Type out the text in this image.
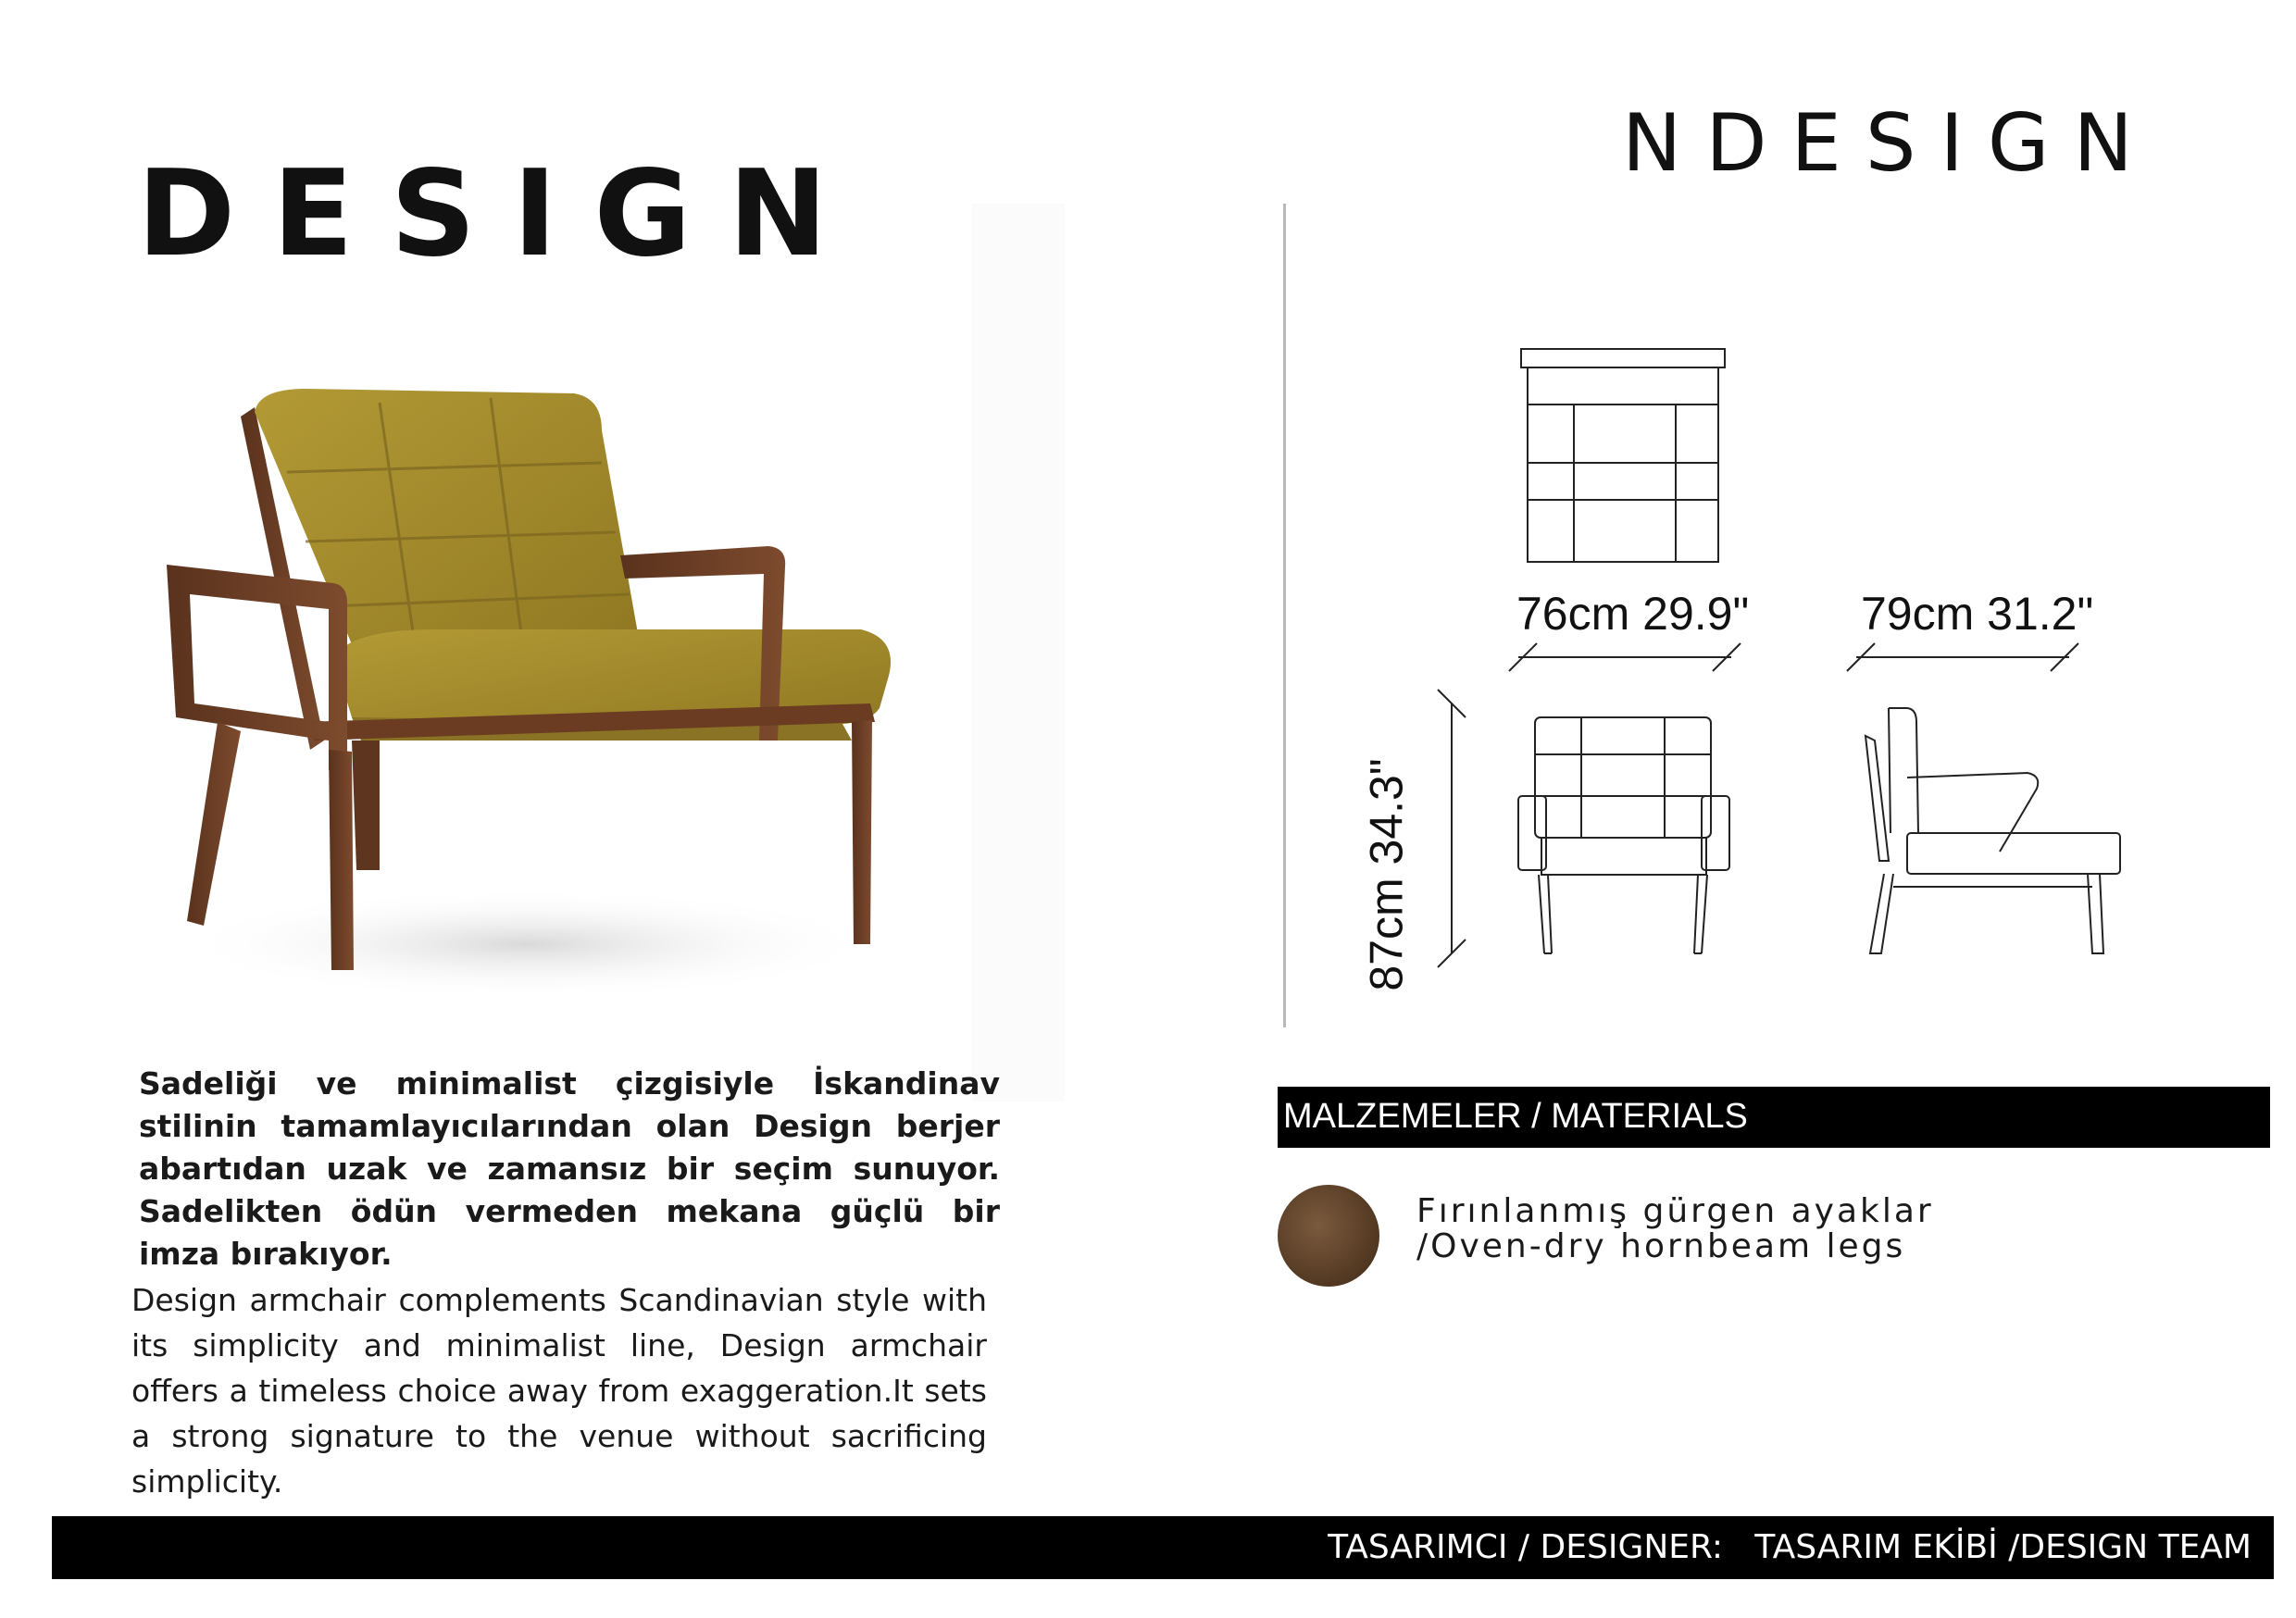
DESIGN
NDESIGN
76cm 29.9" 79cm 31.2"
87cm 34.3"
Sadeliği ve minimalist çizgisiyle İskandinav stilinin tamamlayıcılarından olan Design berjer abartıdan uzak ve zamansız bir seçim sunuyor. Sadelikten ödün vermeden mekana güçlü bir imza bırakıyor.
Design armchair complements Scandinavian style with its simplicity and minimalist line, Design armchair offers a timeless choice away from exaggeration.It sets a strong signature to the venue without sacrificing simplicity.
MALZEMELER / MATERIALS
Fırınlanmış gürgen ayaklar
/Oven-dry hornbeam legs
TASARIMCI / DESIGNER: TASARIM EKİBİ /DESIGN TEAM
